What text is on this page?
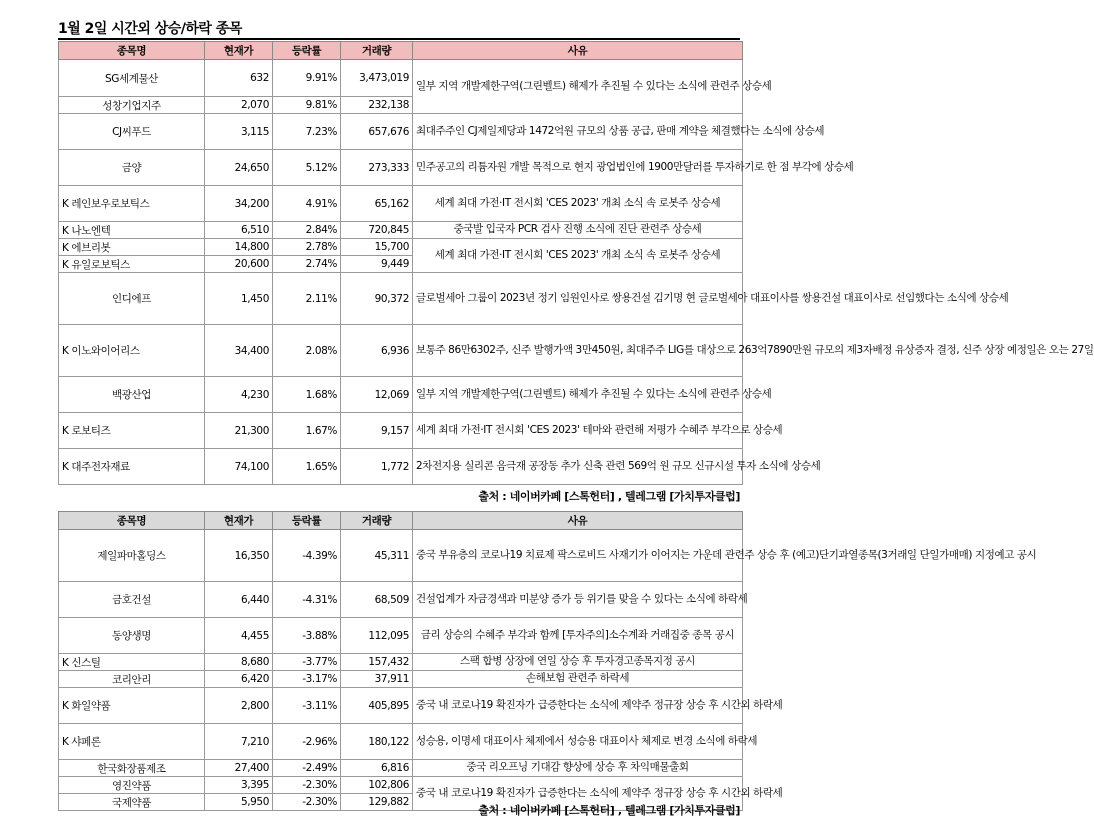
1월 2일 시간외 상승/하락 종목
종목명	현재가	등락률	거래량	사유
SG세계물산	632	9.91%	3,473,019	일부 지역 개발제한구역(그린벨트) 해제가 추진될 수 있다는 소식에 관련주 상승세
성창기업지주	2,070	9.81%	232,138	
CJ씨푸드	3,115	7.23%	657,676	최대주주인 CJ제일제당과 1472억원 규모의 상품 공급, 판매 계약을 체결했다는 소식에 상승세
금양	24,650	5.12%	273,333	민주공고의 리튬자원 개발 목적으로 현지 광업법인에 1900만달러를 투자하기로 한 점 부각에 상승세
K 레인보우로보틱스	34,200	4.91%	65,162	세계 최대 가전·IT 전시회 'CES 2023' 개최 소식 속 로봇주 상승세
K 나노엔텍	6,510	2.84%	720,845	중국발 입국자 PCR 검사 진행 소식에 진단 관련주 상승세
K 에브리봇	14,800	2.78%	15,700	세계 최대 가전·IT 전시회 'CES 2023' 개최 소식 속 로봇주 상승세
K 유일로보틱스	20,600	2.74%	9,449	
인디에프	1,450	2.11%	90,372	글로벌세아 그룹이 2023년 정기 임원인사로 쌍용건설 김기명 현 글로벌세아 대표이사를 쌍용건설 대표이사로 선임했다는 소식에 상승세
K 이노와이어리스	34,400	2.08%	6,936	보통주 86만6302주, 신주 발행가액 3만450원, 최대주주 LIG를 대상으로 263억7890만원 규모의 제3자배정 유상증자 결정, 신주 상장 예정일은 오는 27일
백광산업	4,230	1.68%	12,069	일부 지역 개발제한구역(그린벨트) 해제가 추진될 수 있다는 소식에 관련주 상승세
K 로보티즈	21,300	1.67%	9,157	세계 최대 가전·IT 전시회 'CES 2023' 테마와 관련해 저평가 수혜주 부각으로 상승세
K 대주전자재료	74,100	1.65%	1,772	2차전지용 실리콘 음극재 공장동 추가 신축 관련 569억 원 규모 신규시설 투자 소식에 상승세
출처 : 네이버카페 [스톡헌터] , 텔레그램 [가치투자클럽]
종목명	현재가	등락률	거래량	사유
제일파마홀딩스	16,350	-4.39%	45,311	중국 부유층의 코로나19 치료제 팍스로비드 사재기가 이어지는 가운데 관련주 상승 후 (예고)단기과열종목(3거래일 단일가매매) 지정예고 공시
금호건설	6,440	-4.31%	68,509	건설업계가 자금경색과 미분양 증가 등 위기를 맞을 수 있다는 소식에 하락세
동양생명	4,455	-3.88%	112,095	금리 상승의 수혜주 부각과 함께 [투자주의]소수계좌 거래집중 종목 공시
K 신스틸	8,680	-3.77%	157,432	스팩 합병 상장에 연일 상승 후 투자경고종목지정 공시
코리안리	6,420	-3.17%	37,911	손해보험 관련주 하락세
K 화일약품	2,800	-3.11%	405,895	중국 내 코로나19 확진자가 급증한다는 소식에 제약주 정규장 상승 후 시간외 하락세
K 샤페론	7,210	-2.96%	180,122	성승용, 이명세 대표이사 체제에서 성승용 대표이사 체제로 변경 소식에 하락세
한국화장품제조	27,400	-2.49%	6,816	중국 리오프닝 기대감 향상에 상승 후 차익매물출회
영진약품	3,395	-2.30%	102,806	중국 내 코로나19 확진자가 급증한다는 소식에 제약주 정규장 상승 후 시간외 하락세
국제약품	5,950	-2.30%	129,882	
출처 : 네이버카페 [스톡헌터] , 텔레그램 [가치투자클럽]
